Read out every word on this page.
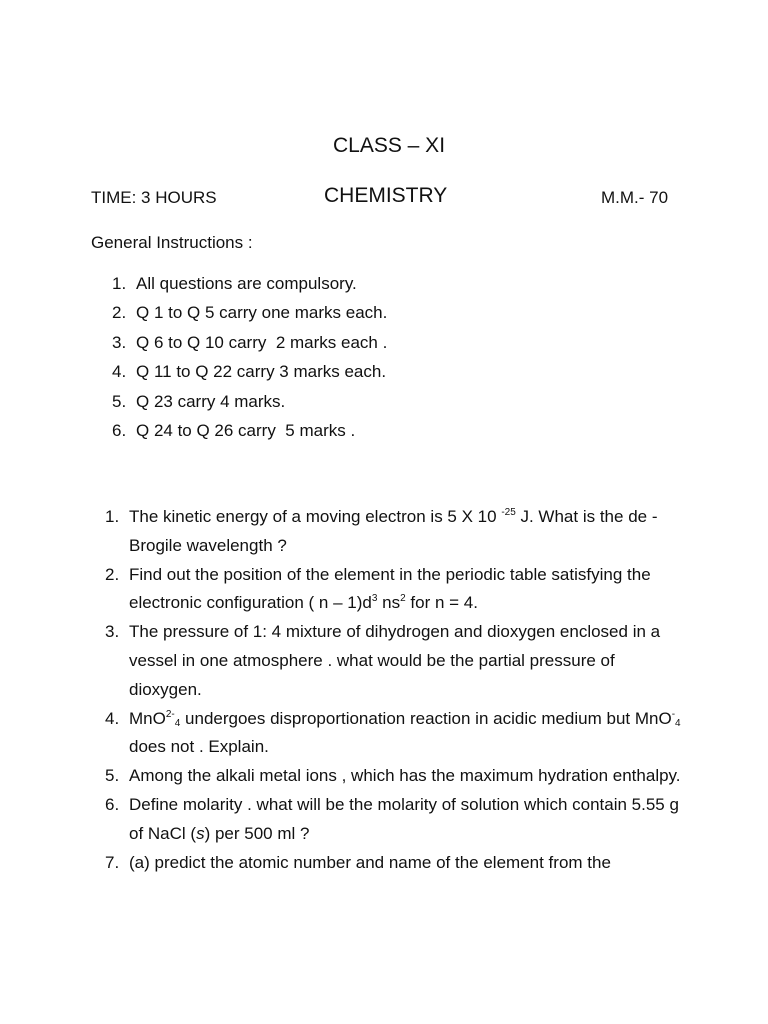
CLASS – XI
TIME: 3 HOURS	CHEMISTRY	M.M.- 70
General Instructions :
1. All questions are compulsory.
2. Q 1 to Q 5 carry one marks each.
3. Q 6 to Q 10 carry  2 marks each .
4. Q 11 to Q 22 carry 3 marks each.
5. Q 23 carry 4 marks.
6. Q 24 to Q 26 carry  5 marks .
1. The kinetic energy of a moving electron is 5 X 10 $^{-25}$ J. What is the de - Brogile wavelength ?
2. Find out the position of the element in the periodic table satisfying the electronic configuration ( n – $1)d^3$ $ns^2$ for n = 4.
3. The pressure of 1: 4 mixture of dihydrogen and dioxygen enclosed in a vessel in one atmosphere . what would be the partial pressure of dioxygen.
4. MnO$^{2-}_4$ undergoes disproportionation reaction in acidic medium but MnO-$_4$ does not . Explain.
5. Among the alkali metal ions , which has the maximum hydration enthalpy.
6. Define molarity . what will be the molarity of solution which contain 5.55 g of NaCl (s) per 500 ml ?
7. (a) predict the atomic number and name of the element from the
